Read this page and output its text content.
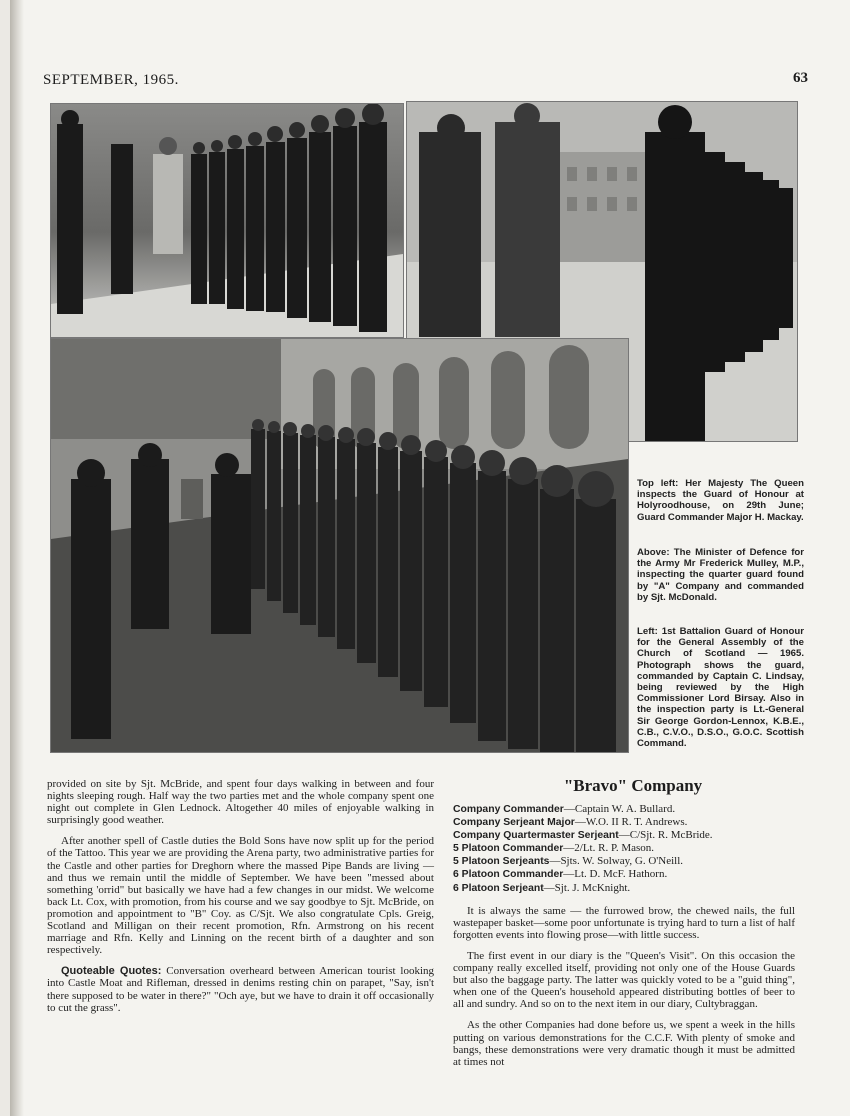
SEPTEMBER, 1965.	63
Top left: Her Majesty The Queen inspects the Guard of Honour at Holyroodhouse, on 29th June; Guard Commander Major H. Mackay.
Above: The Minister of Defence for the Army Mr Frederick Mulley, M.P., inspecting the quarter guard found by "A" Company and commanded by Sjt. McDonald.
Left: 1st Battalion Guard of Honour for the General Assembly of the Church of Scotland — 1965. Photograph shows the guard, commanded by Captain C. Lindsay, being reviewed by the High Commissioner Lord Birsay. Also in the inspection party is Lt.-General Sir George Gordon-Lennox, K.B.E., C.B., C.V.O., D.S.O., G.O.C. Scottish Command.

provided on site by Sjt. McBride, and spent four days walking in between and four nights sleeping rough. Half way the two parties met and the whole company spent one night out complete in Glen Lednock. Altogether 40 miles of enjoyable walking in surprisingly good weather.

After another spell of Castle duties the Bold Sons have now split up for the period of the Tattoo. This year we are providing the Arena party, two administrative parties for the Castle and other parties for Dreghorn where the massed Pipe Bands are living — and thus we remain until the middle of September. We have been "messed about something 'orrid" but basically we have had a few changes in our midst. We welcome back Lt. Cox, with promotion, from his course and we say goodbye to Sjt. McBride, on promotion and appointment to "B" Coy. as C/Sjt. We also congratulate Cpls. Greig, Scotland and Milligan on their recent promotion, Rfn. Armstrong on his recent marriage and Rfn. Kelly and Linning on the recent birth of a daughter and son respectively.

Quoteable Quotes: Conversation overheard between American tourist looking into Castle Moat and Rifleman, dressed in denims resting chin on parapet, "Say, isn't there supposed to be water in there?" "Och aye, but we have to drain it off occasionally to cut the grass".

"Bravo" Company
Company Commander—Captain W. A. Bullard.
Company Serjeant Major—W.O. II R. T. Andrews.
Company Quartermaster Serjeant—C/Sjt. R. McBride.
5 Platoon Commander—2/Lt. R. P. Mason.
5 Platoon Serjeants—Sjts. W. Solway, G. O'Neill.
6 Platoon Commander—Lt. D. McF. Hathorn.
6 Platoon Serjeant—Sjt. J. McKnight.

It is always the same — the furrowed brow, the chewed nails, the full wastepaper basket—some poor unfortunate is trying hard to turn a list of half forgotten events into flowing prose—with little success.

The first event in our diary is the "Queen's Visit". On this occasion the company really excelled itself, providing not only one of the House Guards but also the baggage party. The latter was quickly voted to be a "guid thing", when one of the Queen's household appeared distributing bottles of beer to all and sundry. And so on to the next item in our diary, Cultybraggan.

As the other Companies had done before us, we spent a week in the hills putting on various demonstrations for the C.C.F. With plenty of smoke and bangs, these demonstrations were very dramatic though it must be admitted at times not
